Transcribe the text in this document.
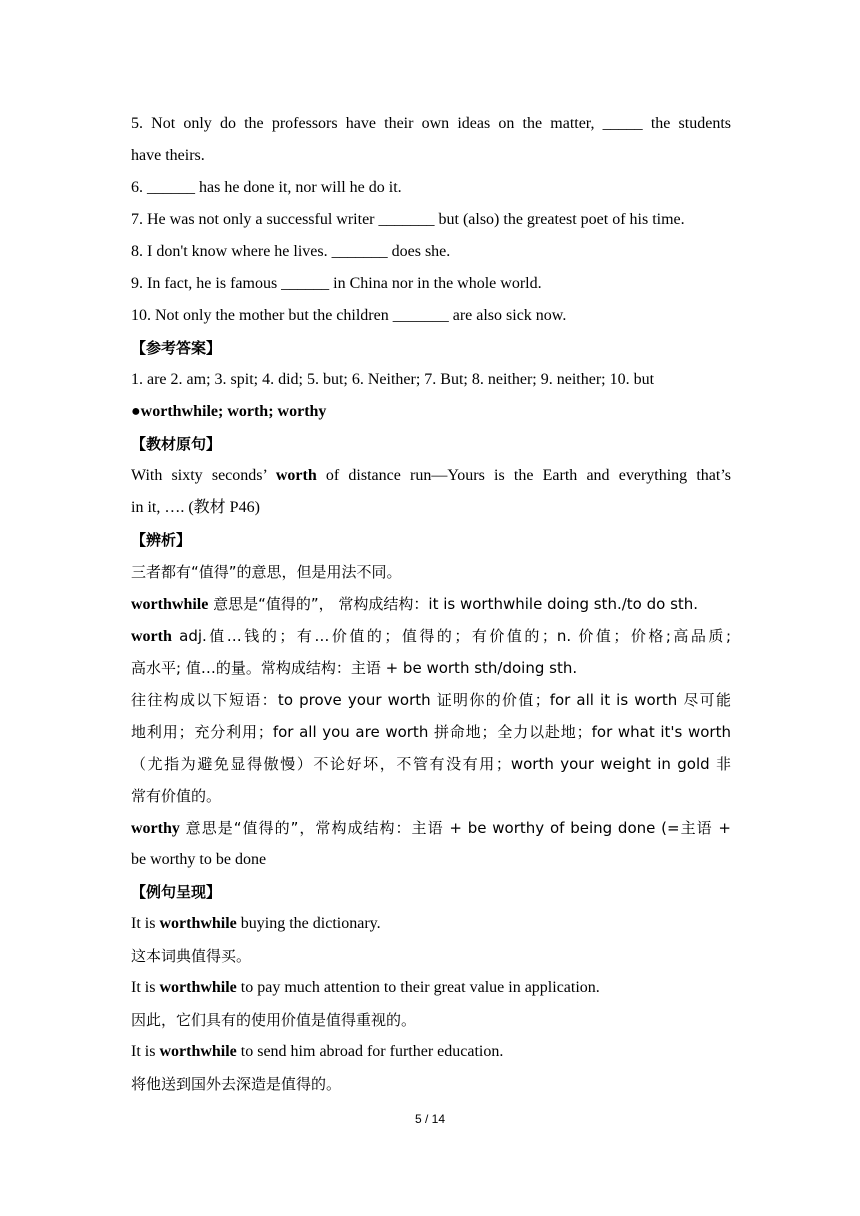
5. Not only do the professors have their own ideas on the matter, _____ the students
have theirs.
6. ______ has he done it, nor will he do it.
7. He was not only a successful writer _______ but (also) the greatest poet of his time.
8. I don't know where he lives. _______ does she.
9. In fact, he is famous ______ in China nor in the whole world.
10. Not only the mother but the children _______ are also sick now.
【参考答案】
1. are 2. am; 3. spit; 4. did; 5. but; 6. Neither; 7. But; 8. neither; 9. neither; 10. but
●worthwhile; worth; worthy
【教材原句】
With sixty seconds’ worth of distance run—Yours is the Earth and everything that’s
in it, …. (教材 P46)
【辨析】
三者都有“值得”的意思，但是用法不同。
worthwhile 意思是“值得的”， 常构成结构：it is worthwhile doing sth./to do sth.
worth adj.值…钱的；有…价值的；值得的；有价值的；n. 价值；价格;高品质;
高水平; 值…的量。常构成结构：主语 + be worth sth/doing sth.
往往构成以下短语：to prove your worth 证明你的价值；for all it is worth 尽可能
地利用；充分利用；for all you are worth 拼命地；全力以赴地；for what it's worth
（尤指为避免显得傲慢）不论好坏，不管有没有用；worth your weight in gold 非
常有价值的。
worthy 意思是“值得的”，常构成结构：主语 + be worthy of being done (=主语 +
be worthy to be done
【例句呈现】
It is worthwhile buying the dictionary.
这本词典值得买。
It is worthwhile to pay much attention to their great value in application.
因此，它们具有的使用价值是值得重视的。
It is worthwhile to send him abroad for further education.
将他送到国外去深造是值得的。
5 / 14
